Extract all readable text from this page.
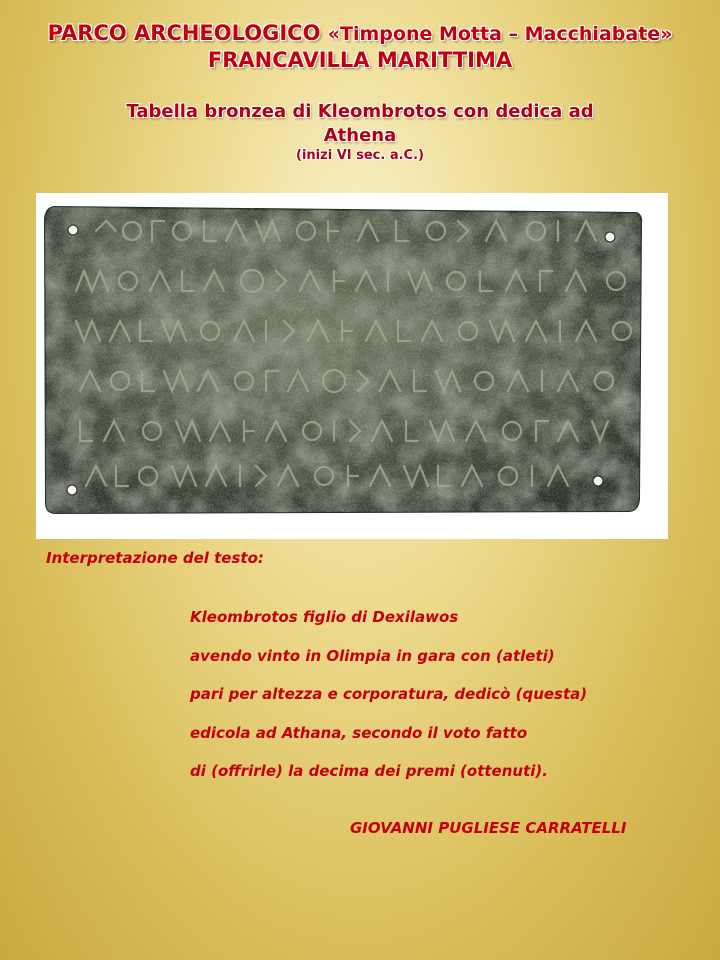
PARCO ARCHEOLOGICO «Timpone Motta – Macchiabate»

FRANCAVILLA MARITTIMA

Tabella bronzea di Kleombrotos con dedica ad

Athena

(inizi VI sec. a.C.)

Interpretazione del testo:

Kleombrotos figlio di Dexilawos

avendo vinto in Olimpia in gara con (atleti)

pari per altezza e corporatura, dedicò (questa)

edicola ad Athana, secondo il voto fatto

di (offrirle) la decima dei premi (ottenuti).

GIOVANNI PUGLIESE CARRATELLI
